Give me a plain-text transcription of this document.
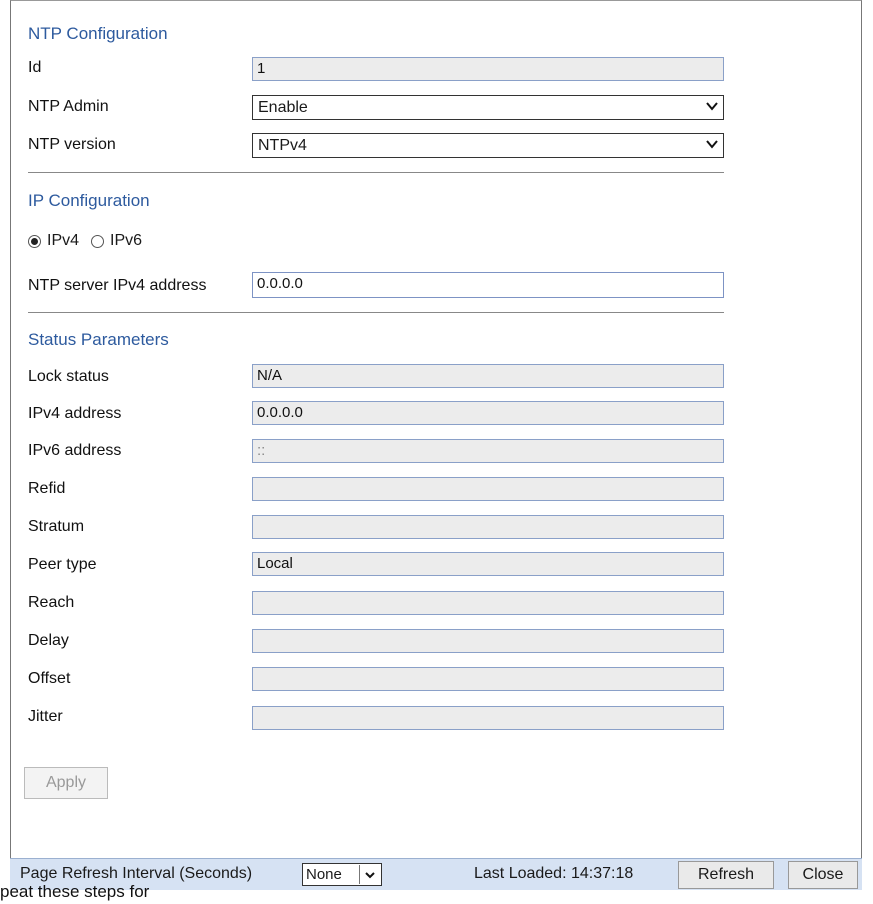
NTP Configuration
Id	1
NTP Admin	Enable
NTP version	NTPv4
IP Configuration
IPv4 IPv6
NTP server IPv4 address	0.0.0.0
Status Parameters
Lock status	N/A
IPv4 address	0.0.0.0
IPv6 address	::
Refid
Stratum
Peer type	Local
Reach
Delay
Offset
Jitter
Apply
Page Refresh Interval (Seconds)	None	Last Loaded: 14:37:18	Refresh	Close
peat these steps for
